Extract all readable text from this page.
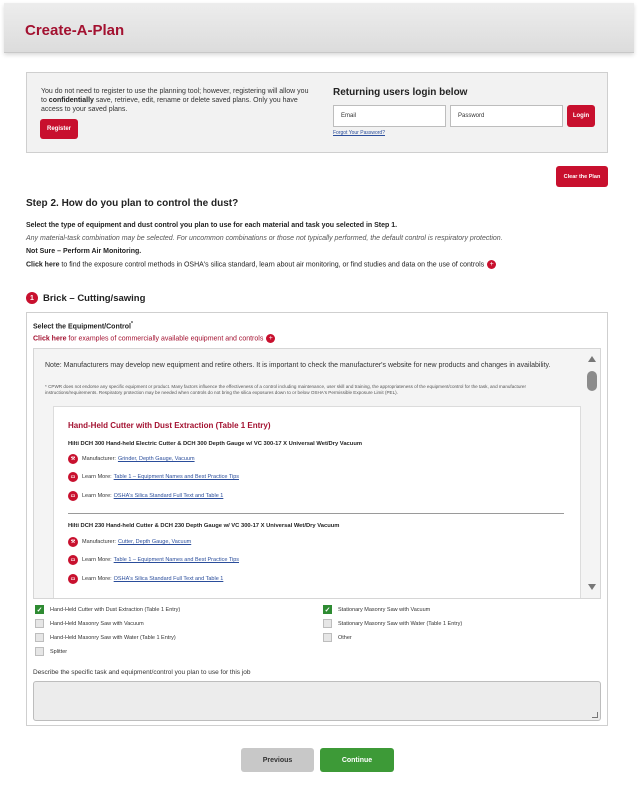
Create-A-Plan
You do not need to register to use the planning tool; however, registering will allow you to confidentially save, retrieve, edit, rename or delete saved plans. Only you have access to your saved plans.
Register
Returning users login below
Email	Password	Login
Forgot Your Password?
Clear the Plan
Step 2. How do you plan to control the dust?
Select the type of equipment and dust control you plan to use for each material and task you selected in Step 1.
Any material-task combination may be selected. For uncommon combinations or those not typically performed, the default control is respiratory protection.
Not Sure – Perform Air Monitoring.
Click here to find the exposure control methods in OSHA's silica standard, learn about air monitoring, or find studies and data on the use of controls +
1 Brick – Cutting/sawing
Select the Equipment/Control*
Click here for examples of commercially available equipment and controls +
Note: Manufacturers may develop new equipment and retire others. It is important to check the manufacturer's website for new products and changes in availability.
* CPWR does not endorse any specific equipment or product. Many factors influence the effectiveness of a control including maintenance, user skill and training, the appropriateness of the equipment/control for the task, and manufacturer instructions/requirements. Respiratory protection may be needed when controls do not bring the silica exposures down to or below OSHA's Permissible Exposure Limit (PEL).
Hand-Held Cutter with Dust Extraction (Table 1 Entry)
Hilti DCH 300 Hand-held Electric Cutter & DCH 300 Depth Gauge w/ VC 300-17 X Universal Wet/Dry Vacuum
⚒	Manufacturer: Grinder, Depth Gauge, Vacuum
▭	Learn More: Table 1 – Equipment Names and Best Practice Tips
▭	Learn More: OSHA's Silica Standard Full Text and Table 1
Hilti DCH 230 Hand-held Cutter & DCH 230 Depth Gauge w/ VC 300-17 X Universal Wet/Dry Vacuum
⚒	Manufacturer: Cutter, Depth Gauge, Vacuum
▭	Learn More: Table 1 – Equipment Names and Best Practice Tips
▭	Learn More: OSHA's Silica Standard Full Text and Table 1
✓ Hand-Held Cutter with Dust Extraction (Table 1 Entry)	✓ Stationary Masonry Saw with Vacuum
Hand-Held Masonry Saw with Vacuum	Stationary Masonry Saw with Water (Table 1 Entry)
Hand-Held Masonry Saw with Water (Table 1 Entry)	Other
Splitter
Describe the specific task and equipment/control you plan to use for this job
Previous	Continue
